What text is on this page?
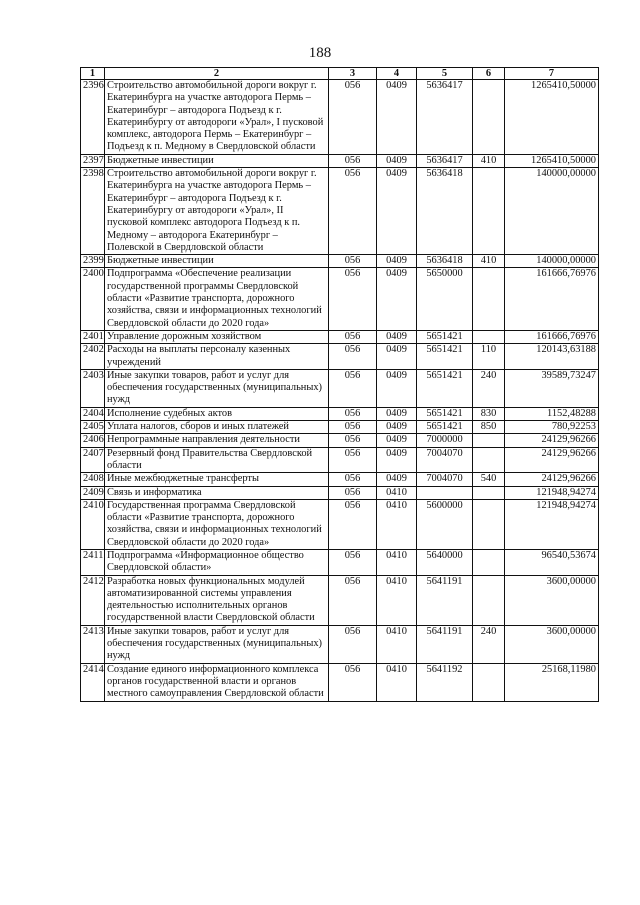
188
1	2	3	4	5	6	7
2396	Строительство автомобильной дороги вокруг г. Екатеринбурга на участке автодорога Пермь – Екатеринбург – автодорога Подъезд к г. Екатеринбургу от автодороги «Урал», I пусковой комплекс, автодорога Пермь – Екатеринбург – Подъезд к п. Медному в Свердловской области	056	0409	5636417		1265410,50000
2397	Бюджетные инвестиции	056	0409	5636417	410	1265410,50000
2398	Строительство автомобильной дороги вокруг г. Екатеринбурга на участке автодорога Пермь – Екатеринбург – автодорога Подъезд к г. Екатеринбургу от автодороги «Урал», II пусковой комплекс автодорога Подъезд к п. Медному – автодорога Екатеринбург – Полевской в Свердловской области	056	0409	5636418		140000,00000
2399	Бюджетные инвестиции	056	0409	5636418	410	140000,00000
2400	Подпрограмма «Обеспечение реализации государственной программы Свердловской области «Развитие транспорта, дорожного хозяйства, связи и информационных технологий Свердловской области до 2020 года»	056	0409	5650000		161666,76976
2401	Управление дорожным хозяйством	056	0409	5651421		161666,76976
2402	Расходы на выплаты персоналу казенных учреждений	056	0409	5651421	110	120143,63188
2403	Иные закупки товаров, работ и услуг для обеспечения государственных (муниципальных) нужд	056	0409	5651421	240	39589,73247
2404	Исполнение судебных актов	056	0409	5651421	830	1152,48288
2405	Уплата налогов, сборов и иных платежей	056	0409	5651421	850	780,92253
2406	Непрограммные направления деятельности	056	0409	7000000		24129,96266
2407	Резервный фонд Правительства Свердловской области	056	0409	7004070		24129,96266
2408	Иные межбюджетные трансферты	056	0409	7004070	540	24129,96266
2409	Связь и информатика	056	0410			121948,94274
2410	Государственная программа Свердловской области «Развитие транспорта, дорожного хозяйства, связи и информационных технологий Свердловской области до 2020 года»	056	0410	5600000		121948,94274
2411	Подпрограмма «Информационное общество Свердловской области»	056	0410	5640000		96540,53674
2412	Разработка новых функциональных модулей автоматизированной системы управления деятельностью исполнительных органов государственной власти Свердловской области	056	0410	5641191		3600,00000
2413	Иные закупки товаров, работ и услуг для обеспечения государственных (муниципальных) нужд	056	0410	5641191	240	3600,00000
2414	Создание единого информационного комплекса органов государственной власти и органов местного самоуправления Свердловской области	056	0410	5641192		25168,11980
